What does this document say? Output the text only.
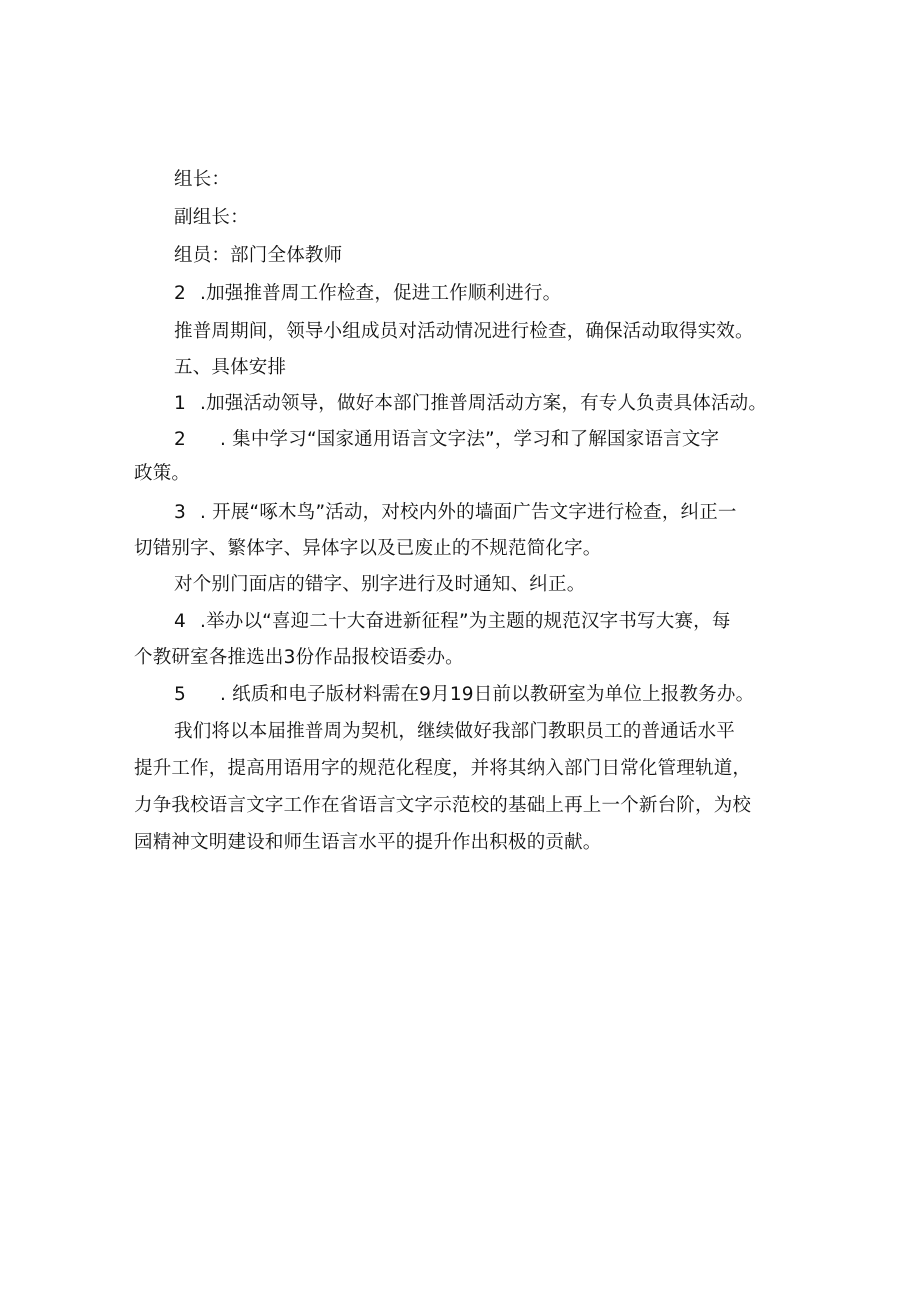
组长：
副组长：
组员：部门全体教师
2 .加强推普周工作检查，促进工作顺利进行。
推普周期间，领导小组成员对活动情况进行检查，确保活动取得实效。
五、具体安排
1 .加强活动领导，做好本部门推普周活动方案，有专人负责具体活动。
2 . 集中学习“国家通用语言文字法”，学习和了解国家语言文字
政策。
3 . 开展“啄木鸟”活动，对校内外的墙面广告文字进行检查，纠正一
切错别字、繁体字、异体字以及已废止的不规范简化字。
对个别门面店的错字、别字进行及时通知、纠正。
4 .举办以“喜迎二十大奋进新征程”为主题的规范汉字书写大赛，每
个教研室各推选出3份作品报校语委办。
5 . 纸质和电子版材料需在9月19日前以教研室为单位上报教务办。
我们将以本届推普周为契机，继续做好我部门教职员工的普通话水平
提升工作，提高用语用字的规范化程度，并将其纳入部门日常化管理轨道，
力争我校语言文字工作在省语言文字示范校的基础上再上一个新台阶，为校
园精神文明建设和师生语言水平的提升作出积极的贡献。
